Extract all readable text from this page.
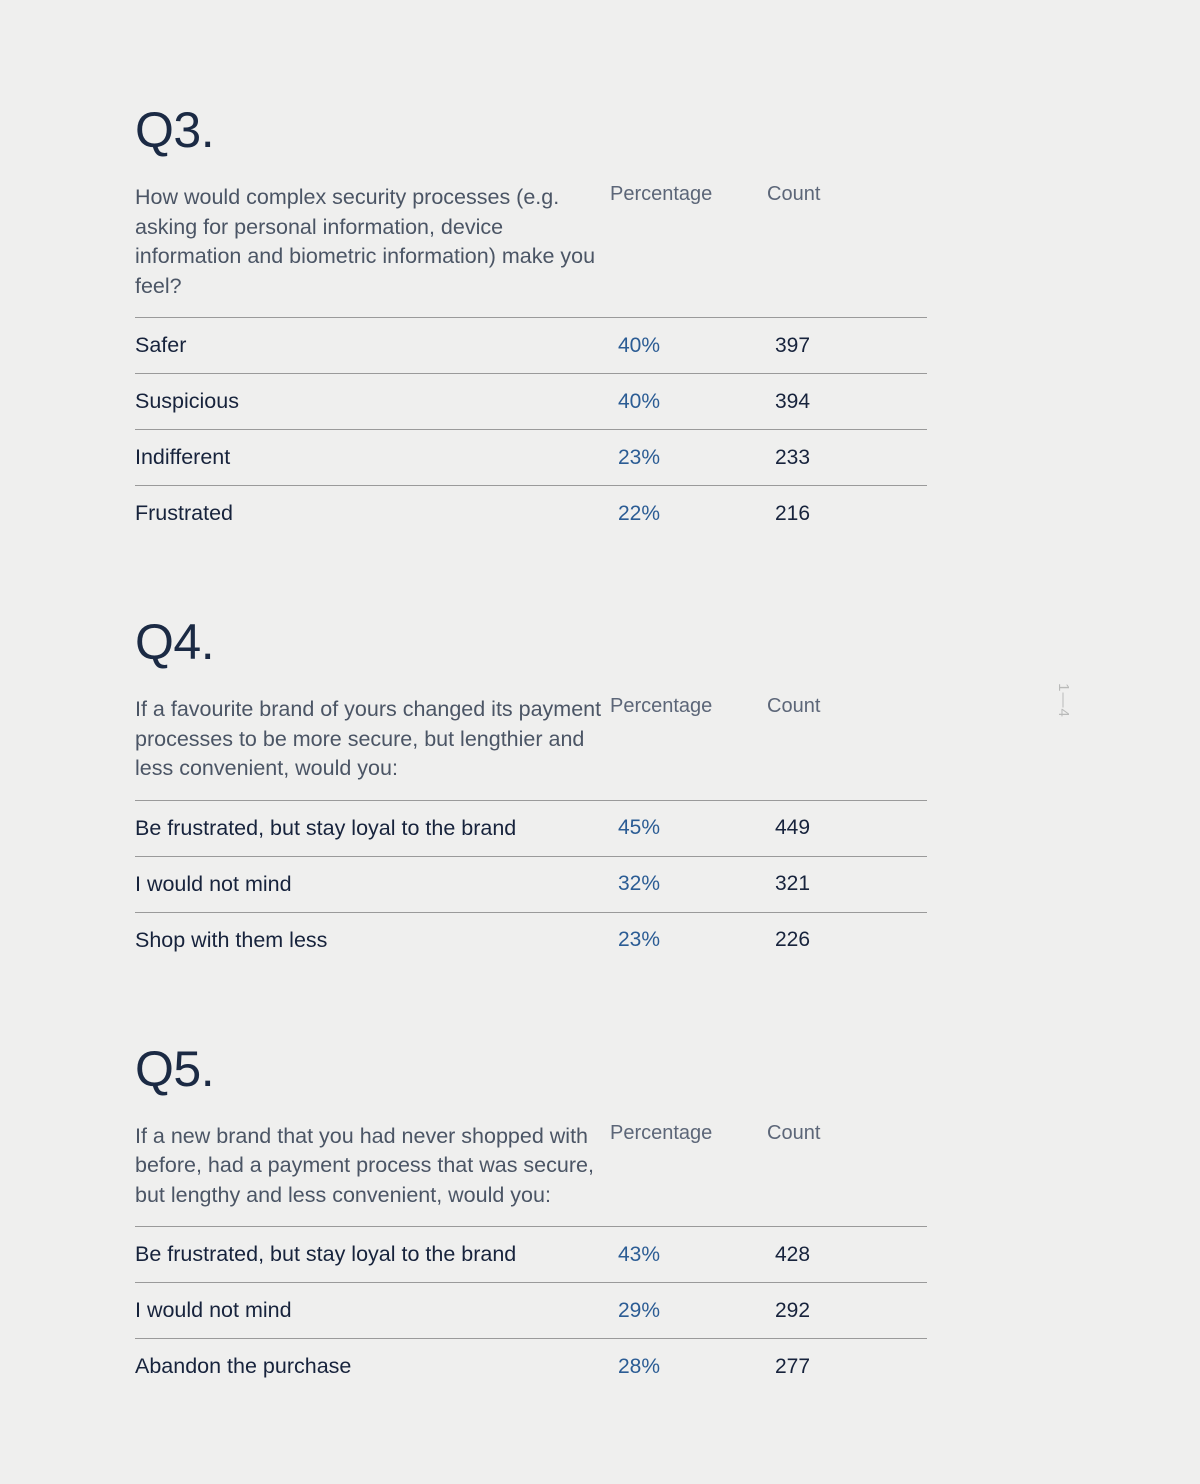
1—4
Q3.
How would complex security processes (e.g. asking for personal information, device information and biometric information) make you feel?
Percentage	Count
Safer	40%	397
Suspicious	40%	394
Indifferent	23%	233
Frustrated	22%	216
Q4.
If a favourite brand of yours changed its payment processes to be more secure, but lengthier and less convenient, would you:
Percentage	Count
Be frustrated, but stay loyal to the brand	45%	449
I would not mind	32%	321
Shop with them less	23%	226
Q5.
If a new brand that you had never shopped with before, had a payment process that was secure, but lengthy and less convenient, would you:
Percentage	Count
Be frustrated, but stay loyal to the brand	43%	428
I would not mind	29%	292
Abandon the purchase	28%	277
